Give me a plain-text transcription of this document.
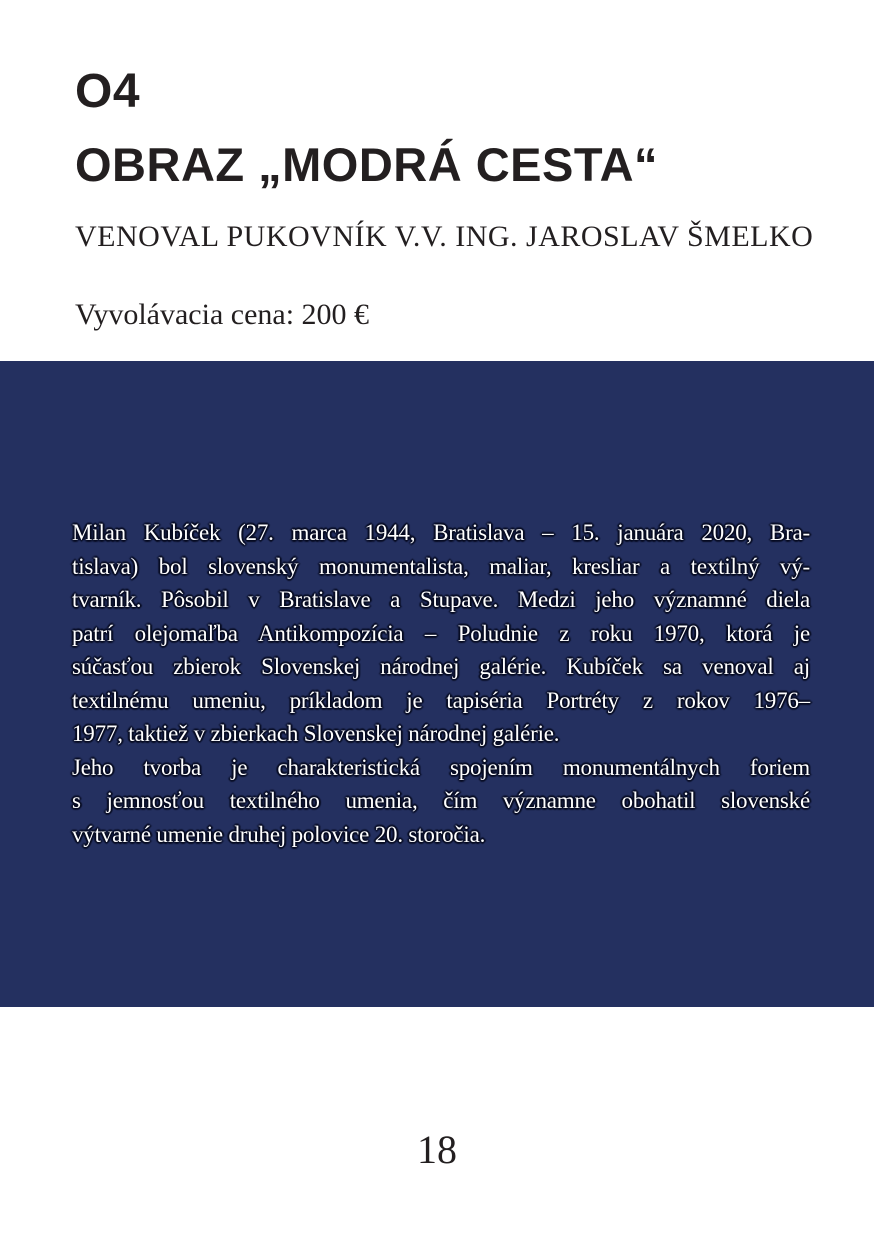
O4
OBRAZ „MODRÁ CESTA“
VENOVAL PUKOVNÍK V.V. ING. JAROSLAV ŠMELKO
Vyvolávacia cena: 200 €
Milan Kubíček (27. marca 1944, Bratislava – 15. januára 2020, Bra-
tislava) bol slovenský monumentalista, maliar, kresliar a textilný vý-
tvarník. Pôsobil v Bratislave a Stupave. Medzi jeho významné diela
patrí olejomaľba Antikompozícia – Poludnie z roku 1970, ktorá je
súčasťou zbierok Slovenskej národnej galérie. Kubíček sa venoval aj
textilnému umeniu, príkladom je tapiséria Portréty z rokov 1976–
1977, taktiež v zbierkach Slovenskej národnej galérie.
Jeho tvorba je charakteristická spojením monumentálnych foriem
s jemnosťou textilného umenia, čím významne obohatil slovenské
výtvarné umenie druhej polovice 20. storočia.
18
